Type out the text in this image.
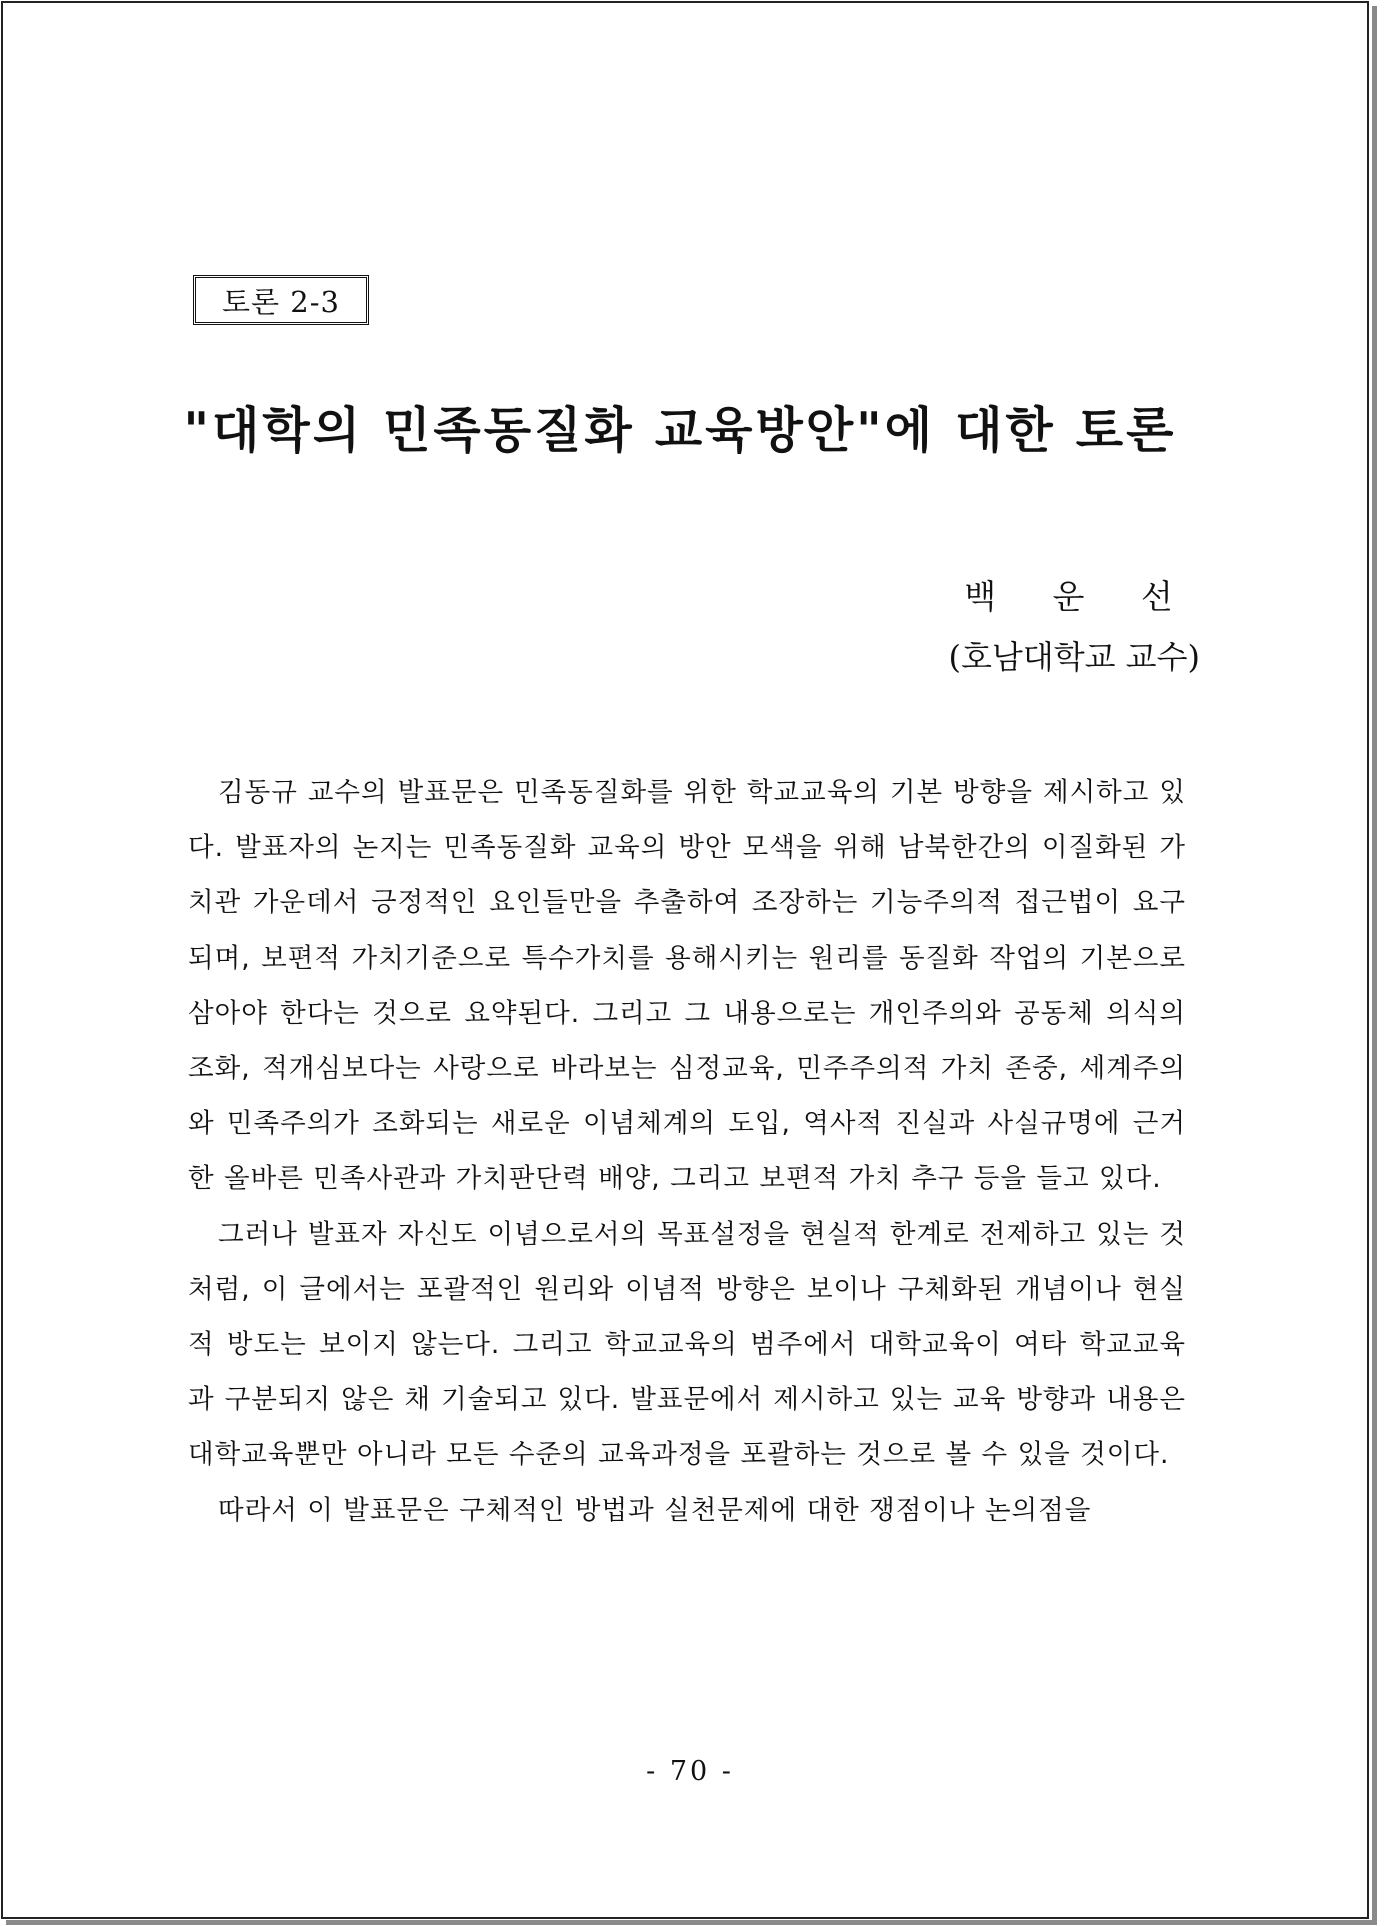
토론 2-3
"대학의 민족동질화 교육방안"에 대한 토론
백 운 선
(호남대학교 교수)

김동규 교수의 발표문은 민족동질화를 위한 학교교육의 기본 방향을 제시하고 있다. 발표자의 논지는 민족동질화 교육의 방안 모색을 위해 남북한간의 이질화된 가치관 가운데서 긍정적인 요인들만을 추출하여 조장하는 기능주의적 접근법이 요구되며, 보편적 가치기준으로 특수가치를 용해시키는 원리를 동질화 작업의 기본으로 삼아야 한다는 것으로 요약된다. 그리고 그 내용으로는 개인주의와 공동체 의식의 조화, 적개심보다는 사랑으로 바라보는 심정교육, 민주주의적 가치 존중, 세계주의와 민족주의가 조화되는 새로운 이념체계의 도입, 역사적 진실과 사실규명에 근거한 올바른 민족사관과 가치판단력 배양, 그리고 보편적 가치 추구 등을 들고 있다.

그러나 발표자 자신도 이념으로서의 목표설정을 현실적 한계로 전제하고 있는 것처럼, 이 글에서는 포괄적인 원리와 이념적 방향은 보이나 구체화된 개념이나 현실적 방도는 보이지 않는다. 그리고 학교교육의 범주에서 대학교육이 여타 학교교육과 구분되지 않은 채 기술되고 있다. 발표문에서 제시하고 있는 교육 방향과 내용은 대학교육뿐만 아니라 모든 수준의 교육과정을 포괄하는 것으로 볼 수 있을 것이다.

따라서 이 발표문은 구체적인 방법과 실천문제에 대한 쟁점이나 논의점을

- 70 -
